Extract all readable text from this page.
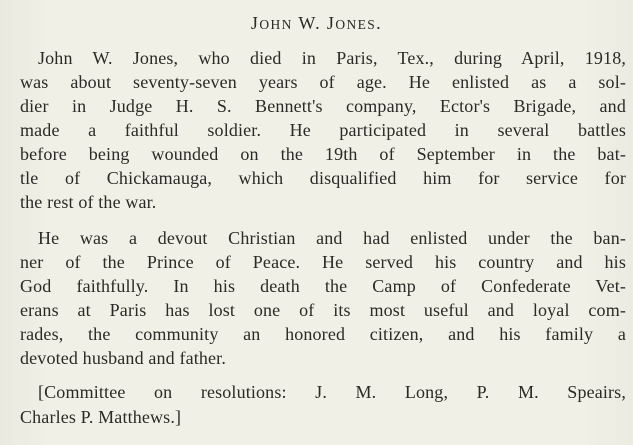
JOHN W. JONES.
John W. Jones, who died in Paris, Tex., during April, 1918,
was about seventy-seven years of age. He enlisted as a sol-
dier in Judge H. S. Bennett's company, Ector's Brigade, and
made a faithful soldier. He participated in several battles
before being wounded on the 19th of September in the bat-
tle of Chickamauga, which disqualified him for service for
the rest of the war.
He was a devout Christian and had enlisted under the ban-
ner of the Prince of Peace. He served his country and his
God faithfully. In his death the Camp of Confederate Vet-
erans at Paris has lost one of its most useful and loyal com-
rades, the community an honored citizen, and his family a
devoted husband and father.
[Committee on resolutions: J. M. Long, P. M. Speairs,
Charles P. Matthews.]
